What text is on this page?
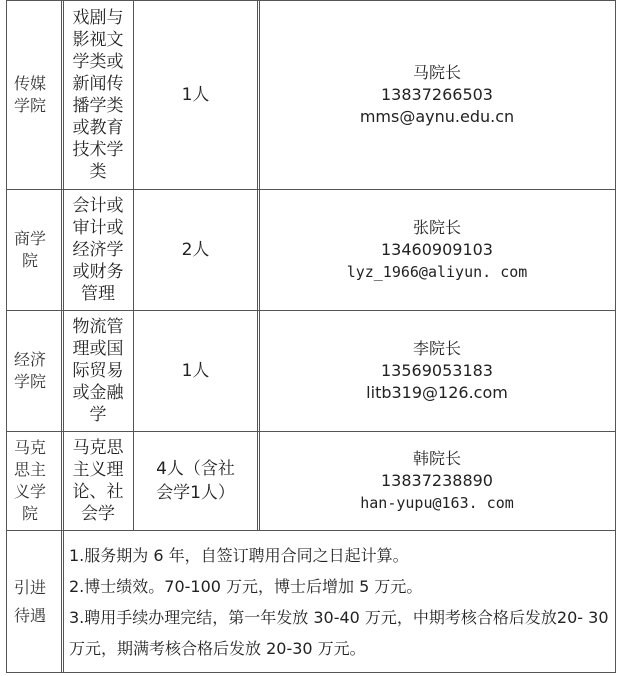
传媒学院
戏剧与影视文学类或新闻传播学类或教育技术学类
1人
马院长
13837266503
mms@aynu.edu.cn
商学院
会计或审计或经济学或财务管理
2人
张院长
13460909103
lyz_1966@aliyun. com
经济学院
物流管理或国际贸易或金融学
1人
李院长
13569053183
litb319@126.com
马克思主义学院
马克思主义理论、社会学
4人（含社会学1人）
韩院长
13837238890
han-yupu@163. com
引进待遇
1.服务期为 6 年，自签订聘用合同之日起计算。
2.博士绩效。70-100 万元，博士后增加 5 万元。
3.聘用手续办理完结，第一年发放 30-40 万元，中期考核合格后发放20- 30 万元，期满考核合格后发放 20-30 万元。
